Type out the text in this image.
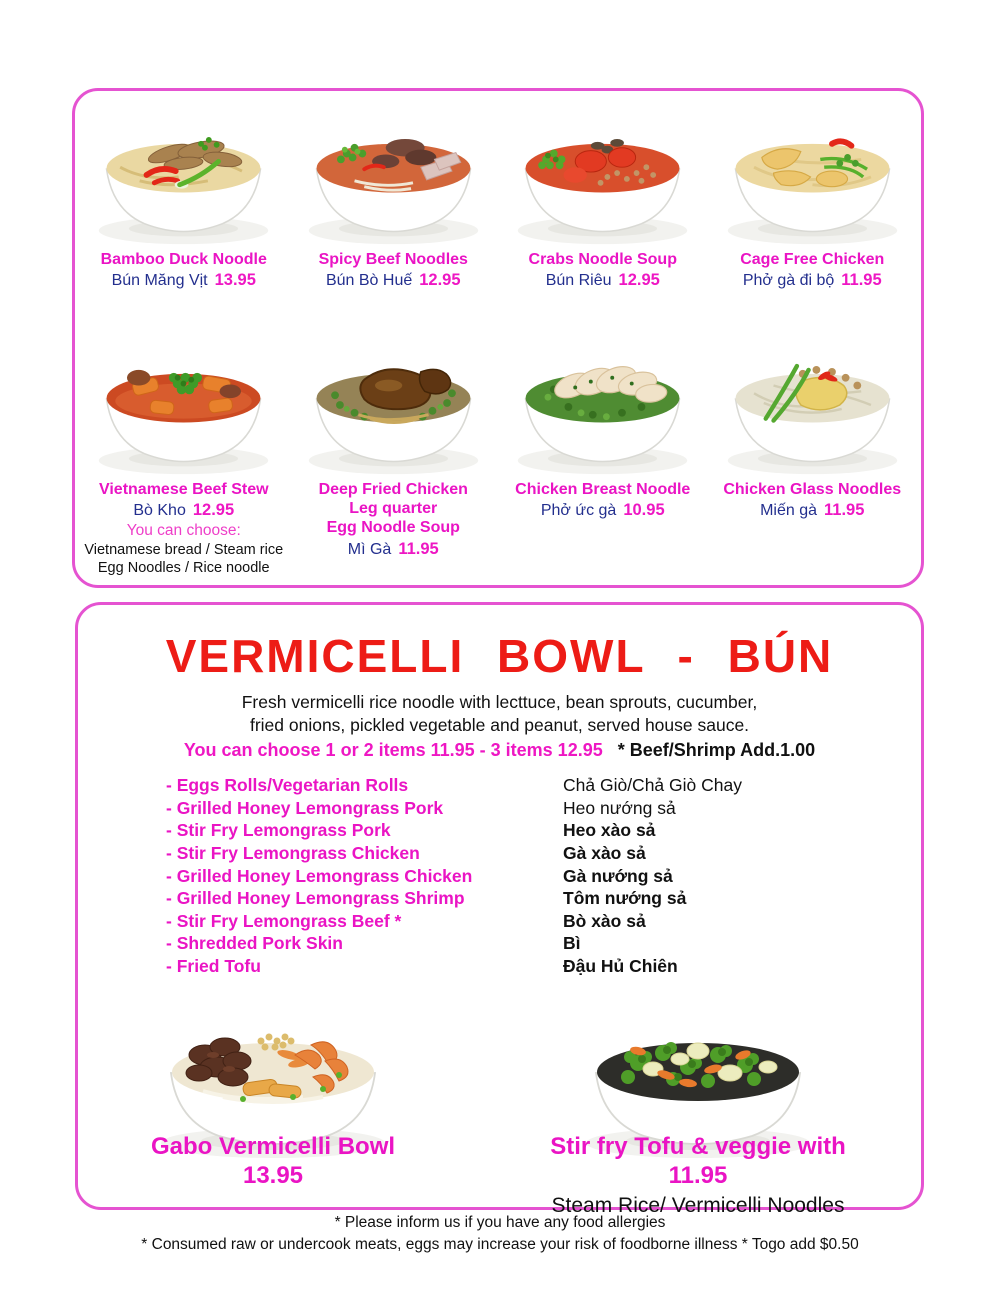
Bamboo Duck Noodle
Bún Măng Vịt 13.95
Spicy Beef Noodles
Bún Bò Huế 12.95
Crabs Noodle Soup
Bún Riêu 12.95
Cage Free Chicken
Phở gà đi bộ 11.95
Vietnamese Beef Stew
Bò Kho 12.95
You can choose:
Vietnamese bread / Steam rice
Egg Noodles / Rice noodle
Deep Fried Chicken
Leg quarter
Egg Noodle Soup
Mì Gà 11.95
Chicken Breast Noodle
Phở ức gà 10.95
Chicken Glass Noodles
Miến gà 11.95
VERMICELLI BOWL - BÚN
Fresh vermicelli rice noodle with lecttuce, bean sprouts, cucumber,
fried onions, pickled vegetable and peanut, served house sauce.
You can choose 1 or 2 items 11.95 - 3 items 12.95 * Beef/Shrimp Add.1.00
- Eggs Rolls/Vegetarian Rolls	Chả Giò/Chả Giò Chay
- Grilled Honey Lemongrass Pork	Heo nướng sả
- Stir Fry Lemongrass Pork	Heo xào sả
- Stir Fry Lemongrass Chicken	Gà xào sả
- Grilled Honey Lemongrass Chicken	Gà nướng sả
- Grilled Honey Lemongrass Shrimp	Tôm nướng sả
- Stir Fry Lemongrass Beef *	Bò xào sả
- Shredded Pork Skin	Bì
- Fried Tofu	Đậu Hủ Chiên
Gabo Vermicelli Bowl
13.95
Stir fry Tofu & veggie with 11.95
Steam Rice/ Vermicelli Noodles
* Please inform us if you have any food allergies
* Consumed raw or undercook meats, eggs may increase your risk of foodborne illness * Togo add $0.50
